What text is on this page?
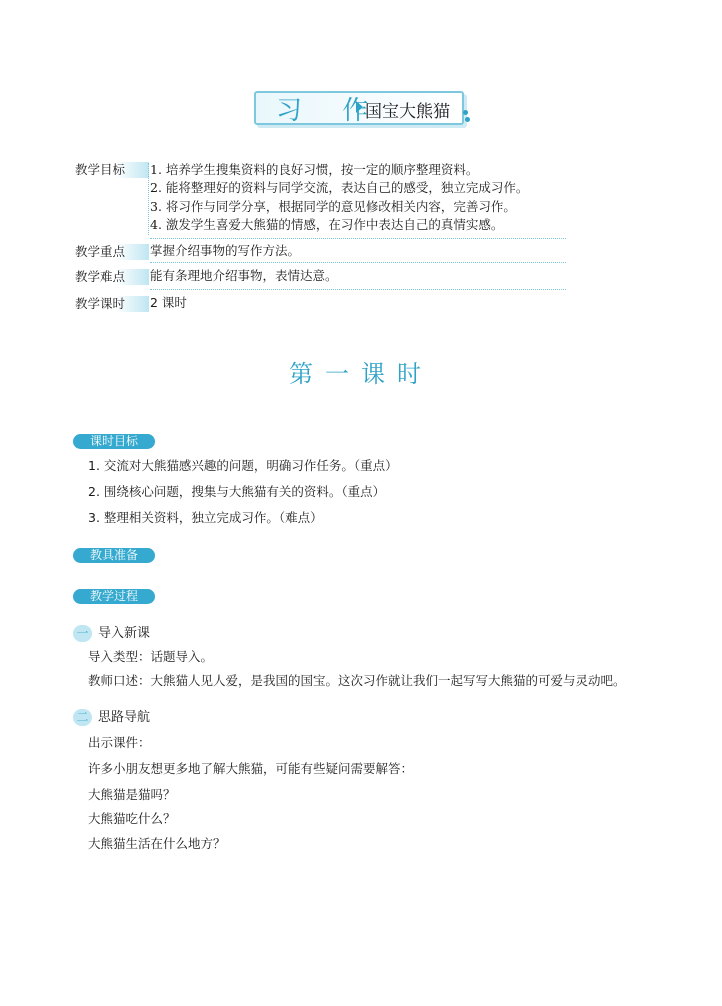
习 作
国宝大熊猫
教学目标	1. 培养学生搜集资料的良好习惯，按一定的顺序整理资料。
2. 能将整理好的资料与同学交流，表达自己的感受，独立完成习作。
3. 将习作与同学分享，根据同学的意见修改相关内容，完善习作。
4. 激发学生喜爱大熊猫的情感，在习作中表达自己的真情实感。
教学重点	掌握介绍事物的写作方法。
教学难点	能有条理地介绍事物，表情达意。
教学课时	2 课时
第一课时
课时目标
1. 交流对大熊猫感兴趣的问题，明确习作任务。（重点）
2. 围绕核心问题，搜集与大熊猫有关的资料。（重点）
3. 整理相关资料，独立完成习作。（难点）
教具准备
教学过程
一 导入新课
导入类型：话题导入。
教师口述：大熊猫人见人爱，是我国的国宝。这次习作就让我们一起写写大熊猫的可爱与灵动吧。
二 思路导航
出示课件：
许多小朋友想更多地了解大熊猫，可能有些疑问需要解答：
大熊猫是猫吗？
大熊猫吃什么？
大熊猫生活在什么地方？
